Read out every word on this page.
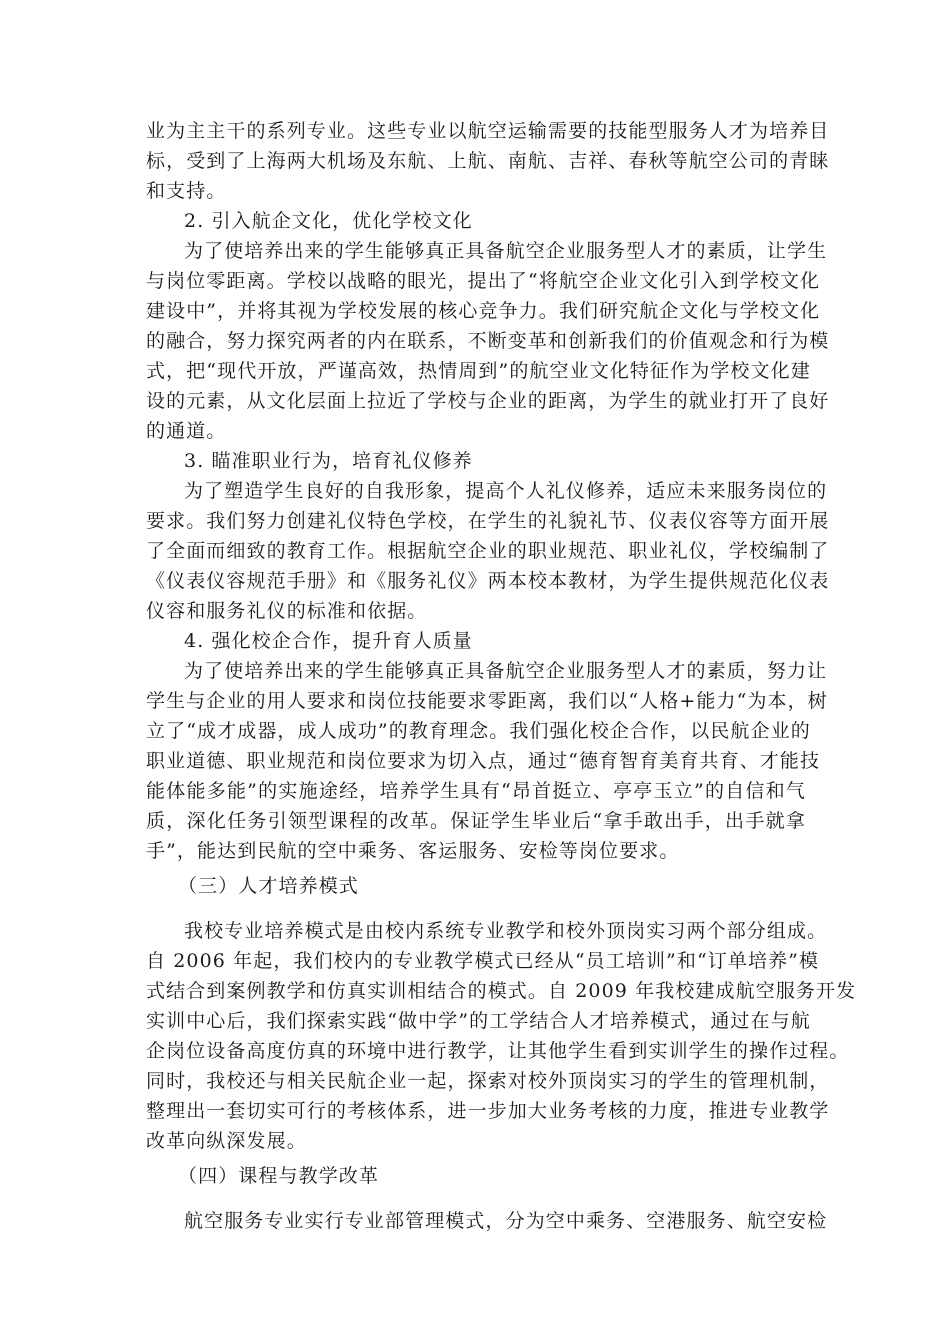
业为主主干的系列专业。这些专业以航空运输需要的技能型服务人才为培养目
标，受到了上海两大机场及东航、上航、南航、吉祥、春秋等航空公司的青睐
和支持。
2. 引入航企文化，优化学校文化
为了使培养出来的学生能够真正具备航空企业服务型人才的素质，让学生
与岗位零距离。学校以战略的眼光，提出了“将航空企业文化引入到学校文化
建设中”，并将其视为学校发展的核心竞争力。我们研究航企文化与学校文化
的融合，努力探究两者的内在联系，不断变革和创新我们的价值观念和行为模
式，把“现代开放，严谨高效，热情周到”的航空业文化特征作为学校文化建
设的元素，从文化层面上拉近了学校与企业的距离，为学生的就业打开了良好
的通道。
3. 瞄准职业行为，培育礼仪修养
为了塑造学生良好的自我形象，提高个人礼仪修养，适应未来服务岗位的
要求。我们努力创建礼仪特色学校，在学生的礼貌礼节、仪表仪容等方面开展
了全面而细致的教育工作。根据航空企业的职业规范、职业礼仪，学校编制了
《仪表仪容规范手册》和《服务礼仪》两本校本教材，为学生提供规范化仪表
仪容和服务礼仪的标准和依据。
4. 强化校企合作，提升育人质量
为了使培养出来的学生能够真正具备航空企业服务型人才的素质，努力让
学生与企业的用人要求和岗位技能要求零距离，我们以“人格+能力“为本，树
立了“成才成器，成人成功”的教育理念。我们强化校企合作，以民航企业的
职业道德、职业规范和岗位要求为切入点，通过“德育智育美育共育、才能技
能体能多能”的实施途经，培养学生具有“昂首挺立、亭亭玉立”的自信和气
质，深化任务引领型课程的改革。保证学生毕业后“拿手敢出手，出手就拿
手”，能达到民航的空中乘务、客运服务、安检等岗位要求。
（三）人才培养模式
我校专业培养模式是由校内系统专业教学和校外顶岗实习两个部分组成。
自 2006 年起，我们校内的专业教学模式已经从“员工培训”和“订单培养”模
式结合到案例教学和仿真实训相结合的模式。自 2009 年我校建成航空服务开发
实训中心后，我们探索实践“做中学”的工学结合人才培养模式，通过在与航
企岗位设备高度仿真的环境中进行教学，让其他学生看到实训学生的操作过程。
同时，我校还与相关民航企业一起，探索对校外顶岗实习的学生的管理机制，
整理出一套切实可行的考核体系，进一步加大业务考核的力度，推进专业教学
改革向纵深发展。
（四）课程与教学改革
航空服务专业实行专业部管理模式，分为空中乘务、空港服务、航空安检
